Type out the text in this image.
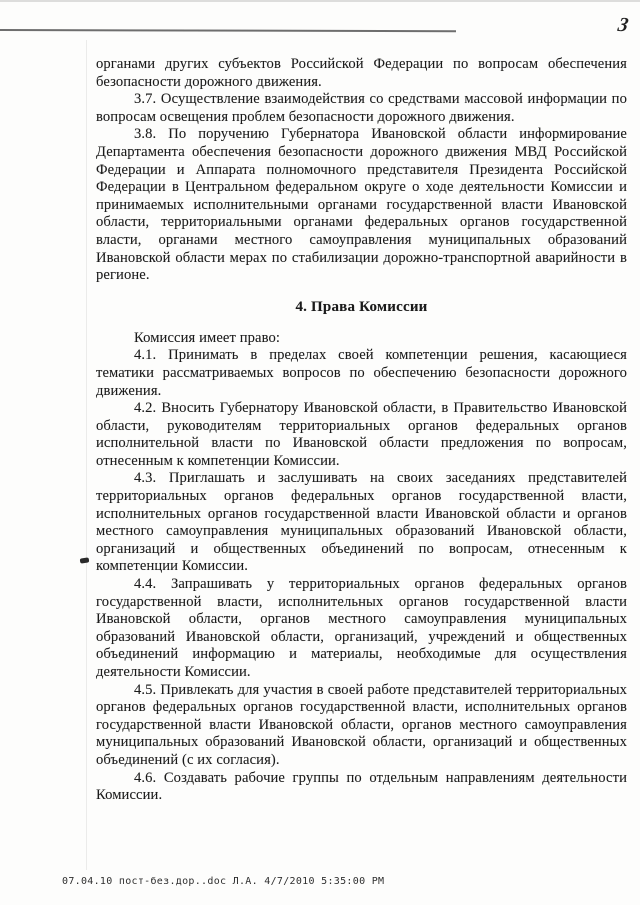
3

органами других субъектов Российской Федерации по вопросам обеспечения безопасности дорожного движения.

3.7. Осуществление взаимодействия со средствами массовой информации по вопросам освещения проблем безопасности дорожного движения.

3.8. По поручению Губернатора Ивановской области информирование Департамента обеспечения безопасности дорожного движения МВД Российской Федерации и Аппарата полномочного представителя Президента Российской Федерации в Центральном федеральном округе о ходе деятельности Комиссии и принимаемых исполнительными органами государственной власти Ивановской области, территориальными органами федеральных органов государственной власти, органами местного самоуправления муниципальных образований Ивановской области мерах по стабилизации дорожно-транспортной аварийности в регионе.

4. Права Комиссии

Комиссия имеет право:

4.1. Принимать в пределах своей компетенции решения, касающиеся тематики рассматриваемых вопросов по обеспечению безопасности дорожного движения.

4.2. Вносить Губернатору Ивановской области, в Правительство Ивановской области, руководителям территориальных органов федеральных органов исполнительной власти по Ивановской области предложения по вопросам, отнесенным к компетенции Комиссии.

4.3. Приглашать и заслушивать на своих заседаниях представителей территориальных органов федеральных органов государственной власти, исполнительных органов государственной власти Ивановской области и органов местного самоуправления муниципальных образований Ивановской области, организаций и общественных объединений по вопросам, отнесенным к компетенции Комиссии.

4.4. Запрашивать у территориальных органов федеральных органов государственной власти, исполнительных органов государственной власти Ивановской области, органов местного самоуправления муниципальных образований Ивановской области, организаций, учреждений и общественных объединений информацию и материалы, необходимые для осуществления деятельности Комиссии.

4.5. Привлекать для участия в своей работе представителей территориальных органов федеральных органов государственной власти, исполнительных органов государственной власти Ивановской области, органов местного самоуправления муниципальных образований Ивановской области, организаций и общественных объединений (с их согласия).

4.6. Создавать рабочие группы по отдельным направлениям деятельности Комиссии.

07.04.10 пост-без.дор..doc Л.А. 4/7/2010 5:35:00 PM
